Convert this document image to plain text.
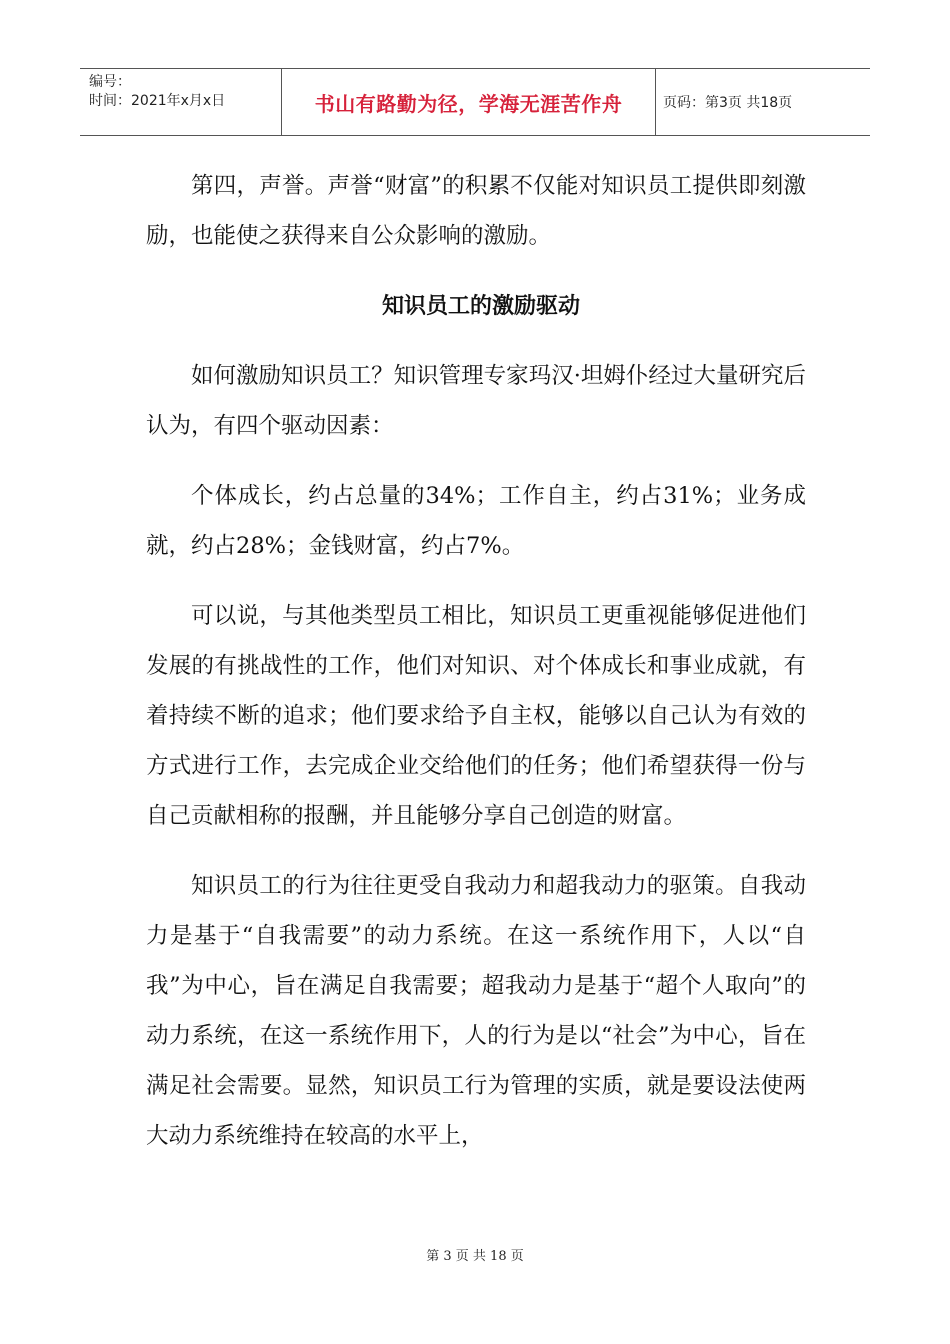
编号：
时间：2021年x月x日	书山有路勤为径，学海无涯苦作舟	页码：第3页 共18页

第四，声誉。声誉“财富”的积累不仅能对知识员工提供即刻激励，也能使之获得来自公众影响的激励。

知识员工的激励驱动

如何激励知识员工？知识管理专家玛汉·坦姆仆经过大量研究后认为，有四个驱动因素：

个体成长，约占总量的34%；工作自主，约占31%；业务成就，约占28%；金钱财富，约占7%。

可以说，与其他类型员工相比，知识员工更重视能够促进他们发展的有挑战性的工作，他们对知识、对个体成长和事业成就，有着持续不断的追求；他们要求给予自主权，能够以自己认为有效的方式进行工作，去完成企业交给他们的任务；他们希望获得一份与自己贡献相称的报酬，并且能够分享自己创造的财富。

知识员工的行为往往更受自我动力和超我动力的驱策。自我动力是基于“自我需要”的动力系统。在这一系统作用下，人以“自我”为中心，旨在满足自我需要；超我动力是基于“超个人取向”的动力系统，在这一系统作用下，人的行为是以“社会”为中心，旨在满足社会需要。显然，知识员工行为管理的实质，就是要设法使两大动力系统维持在较高的水平上，

第 3 页 共 18 页
